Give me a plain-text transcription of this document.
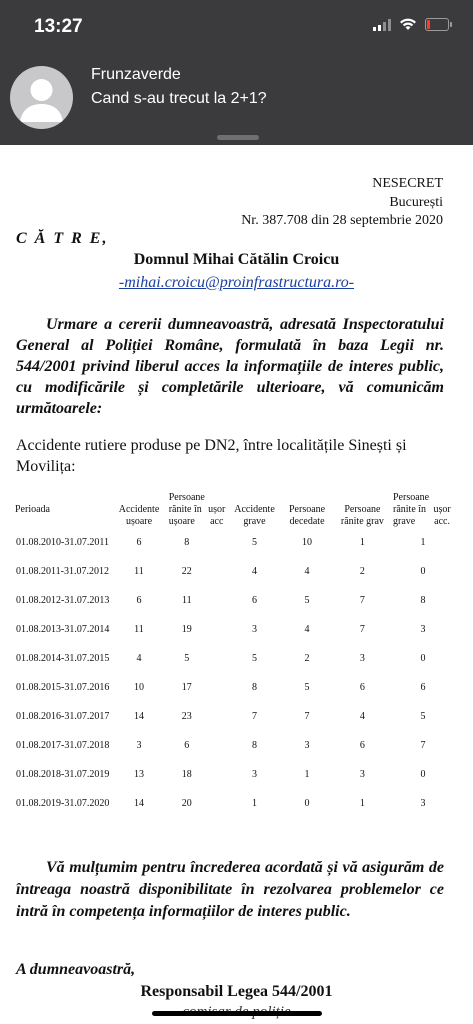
13:27
Frunzaverde
Cand s-au trecut la 2+1?
NESECRET
București
Nr. 387.708 din 28 septembrie 2020
C Ă T R E,
Domnul Mihai Cătălin Croicu
-mihai.croicu@proinfrastructura.ro-
Urmare a cererii dumneavoastră, adresată Inspectoratului General al Poliției Române, formulată în baza Legii nr. 544/2001 privind liberul acces la informațiile de interes public, cu modificările și completările ulterioare, vă comunicăm următoarele:
Accidente rutiere produse pe DN2, între localitățile Sinești și Movilița:
Perioada	Accidente ușoare	Persoane rănite în ușoare	ușor acc	Accidente grave	Persoane decedate	Persoane rănite grav	Persoane rănite în grave	ușor acc.
01.08.2010-31.07.2011	6	8		5	10	1	1	
01.08.2011-31.07.2012	11	22		4	4	2	0	
01.08.2012-31.07.2013	6	11		6	5	7	8	
01.08.2013-31.07.2014	11	19		3	4	7	3	
01.08.2014-31.07.2015	4	5		5	2	3	0	
01.08.2015-31.07.2016	10	17		8	5	6	6	
01.08.2016-31.07.2017	14	23		7	7	4	5	
01.08.2017-31.07.2018	3	6		8	3	6	7	
01.08.2018-31.07.2019	13	18		3	1	3	0	
01.08.2019-31.07.2020	14	20		1	0	1	3	
Vă mulțumim pentru încrederea acordată și vă asigurăm de întreaga noastră disponibilitate în rezolvarea problemelor ce intră în competența informațiilor de interes public.
A dumneavoastră,
Responsabil Legea 544/2001
